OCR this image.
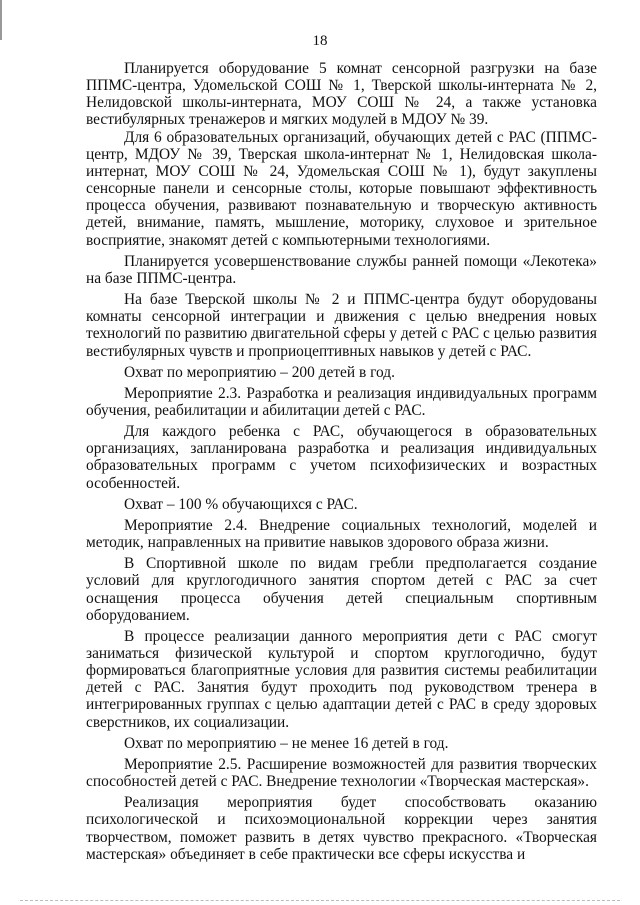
18

Планируется оборудование 5 комнат сенсорной разгрузки на базе ППМС-центра, Удомельской СОШ № 1, Тверской школы-интерната № 2, Нелидовской школы-интерната, МОУ СОШ № 24, а также установка вестибулярных тренажеров и мягких модулей в МДОУ № 39.

Для 6 образовательных организаций, обучающих детей с РАС (ППМС-центр, МДОУ № 39, Тверская школа-интернат № 1, Нелидовская школа-интернат, МОУ СОШ № 24, Удомельская СОШ № 1), будут закуплены сенсорные панели и сенсорные столы, которые повышают эффективность процесса обучения, развивают познавательную и творческую активность детей, внимание, память, мышление, моторику, слуховое и зрительное восприятие, знакомят детей с компьютерными технологиями.

Планируется усовершенствование службы ранней помощи «Лекотека» на базе ППМС-центра.

На базе Тверской школы № 2 и ППМС-центра будут оборудованы комнаты сенсорной интеграции и движения с целью внедрения новых технологий по развитию двигательной сферы у детей с РАС с целью развития вестибулярных чувств и проприоцептивных навыков у детей с РАС.

Охват по мероприятию – 200 детей в год.

Мероприятие 2.3. Разработка и реализация индивидуальных программ обучения, реабилитации и абилитации детей с РАС.

Для каждого ребенка с РАС, обучающегося в образовательных организациях, запланирована разработка и реализация индивидуальных образовательных программ с учетом психофизических и возрастных особенностей.

Охват – 100 % обучающихся с РАС.

Мероприятие 2.4. Внедрение социальных технологий, моделей и методик, направленных на привитие навыков здорового образа жизни.

В Спортивной школе по видам гребли предполагается создание условий для круглогодичного занятия спортом детей с РАС за счет оснащения процесса обучения детей специальным спортивным оборудованием.

В процессе реализации данного мероприятия дети с РАС смогут заниматься физической культурой и спортом круглогодично, будут формироваться благоприятные условия для развития системы реабилитации детей с РАС. Занятия будут проходить под руководством тренера в интегрированных группах с целью адаптации детей с РАС в среду здоровых сверстников, их социализации.

Охват по мероприятию – не менее 16 детей в год.

Мероприятие 2.5. Расширение возможностей для развития творческих способностей детей с РАС. Внедрение технологии «Творческая мастерская».

Реализация мероприятия будет способствовать оказанию психологической и психоэмоциональной коррекции через занятия творчеством, поможет развить в детях чувство прекрасного. «Творческая мастерская» объединяет в себе практически все сферы искусства и
